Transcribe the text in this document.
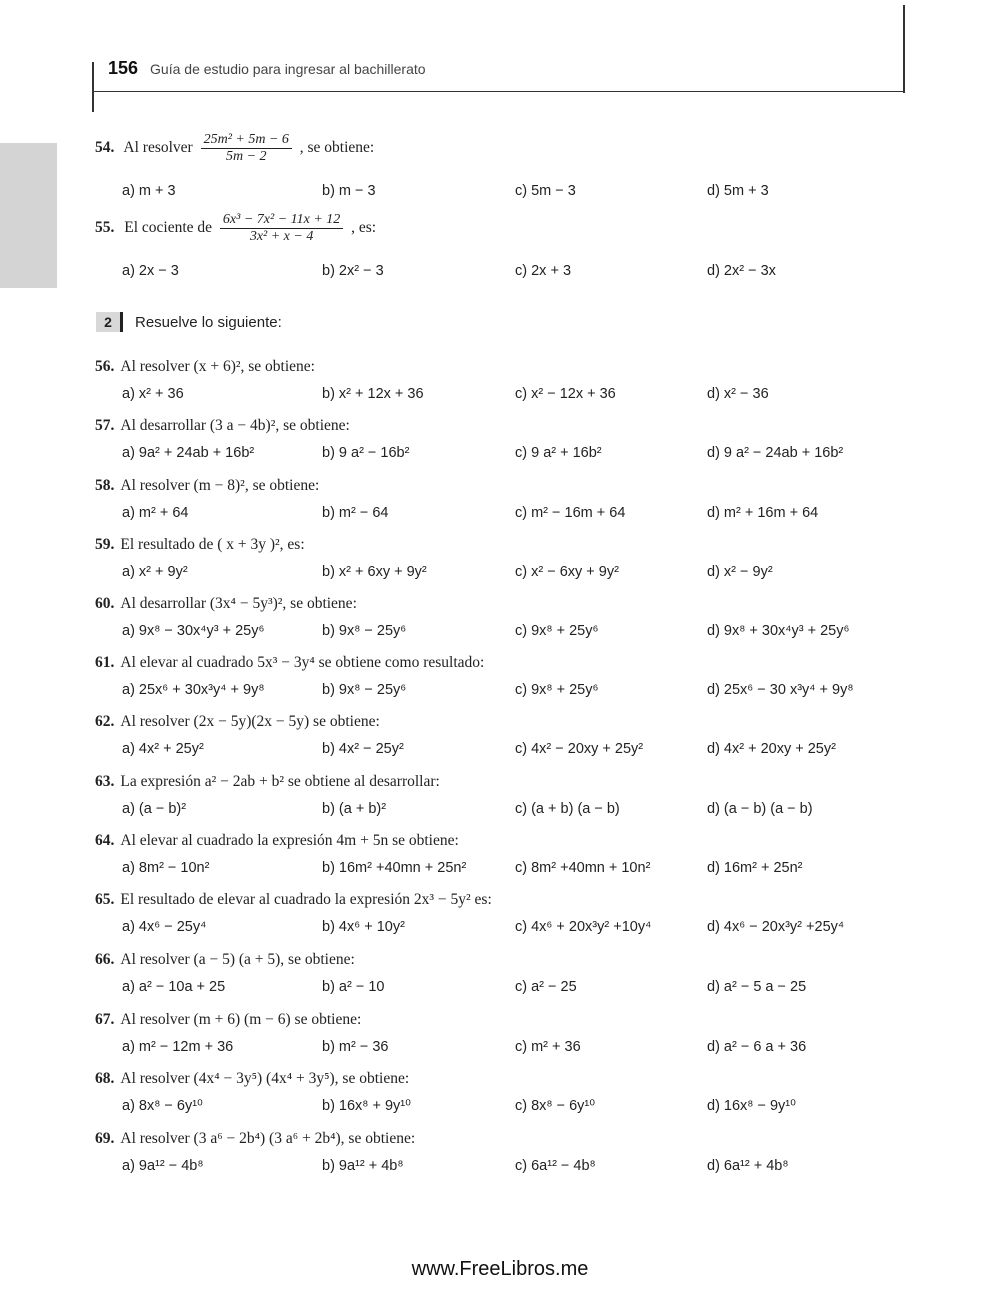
156 Guía de estudio para ingresar al bachillerato
54. Al resolver $\frac{\text{25m² + 5m − 6}}{5m - 2}$ , se obtiene:
a) m + 3	b) m − 3	c) 5m − 3	d) 5m + 3
55. El cociente de $\frac{\text{6x³ − 7x² − 11x + 12}}{\text{3x² + x − 4}}$ , es:
a) 2x − 3	b) 2x² − 3	c) 2x + 3	d) 2x² − 3x
2 Resuelve lo siguiente:
56. Al resolver (x + 6)², se obtiene:
a) x² + 36	b) x² + 12x + 36	c) x² − 12x + 36	d) x² − 36
57. Al desarrollar (3 a − 4b)², se obtiene:
a) 9a² + 24ab + 16b²	b) 9 a² − 16b²	c) 9 a² + 16b²	d) 9 a² − 24ab + 16b²
58. Al resolver (m − 8)², se obtiene:
a) m² + 64	b) m² − 64	c) m² − 16m + 64	d) m² + 16m + 64
59. El resultado de ( x + 3y )², es:
a) x² + 9y²	b) x² + 6xy + 9y²	c) x² − 6xy + 9y²	d) x² − 9y²
60. Al desarrollar (3x⁴ − 5y³)², se obtiene:
a) 9x⁸ − 30x⁴y³ + 25y⁶	b) 9x⁸ − 25y⁶	c) 9x⁸ + 25y⁶	d) 9x⁸ + 30x⁴y³ + 25y⁶
61. Al elevar al cuadrado 5x³ − 3y⁴ se obtiene como resultado:
a) 25x⁶ + 30x³y⁴ + 9y⁸	b) 9x⁸ − 25y⁶	c) 9x⁸ + 25y⁶	d) 25x⁶ − 30 x³y⁴ + 9y⁸
62. Al resolver (2x − 5y)(2x − 5y) se obtiene:
a) 4x² + 25y²	b) 4x² − 25y²	c) 4x² − 20xy + 25y²	d) 4x² + 20xy + 25y²
63. La expresión a² − 2ab + b² se obtiene al desarrollar:
a) (a − b)²	b) (a + b)²	c) (a + b) (a − b)	d) (a − b) (a − b)
64. Al elevar al cuadrado la expresión 4m + 5n se obtiene:
a) 8m² − 10n²	b) 16m² +40mn + 25n²	c) 8m² +40mn + 10n²	d) 16m² + 25n²
65. El resultado de elevar al cuadrado la expresión 2x³ − 5y² es:
a) 4x⁶ − 25y⁴	b) 4x⁶ + 10y²	c) 4x⁶ + 20x³y² +10y⁴	d) 4x⁶ − 20x³y² +25y⁴
66. Al resolver (a − 5) (a + 5), se obtiene:
a) a² − 10a + 25	b) a² − 10	c) a² − 25	d) a² − 5 a − 25
67. Al resolver (m + 6) (m − 6) se obtiene:
a) m² − 12m + 36	b) m² − 36	c) m² + 36	d) a² − 6 a + 36
68. Al resolver (4x⁴ − 3y⁵) (4x⁴ + 3y⁵), se obtiene:
a) 8x⁸ − 6y¹⁰	b) 16x⁸ + 9y¹⁰	c) 8x⁸ − 6y¹⁰	d) 16x⁸ − 9y¹⁰
69. Al resolver (3 a⁶ − 2b⁴) (3 a⁶ + 2b⁴), se obtiene:
a) 9a¹² − 4b⁸	b) 9a¹² + 4b⁸	c) 6a¹² − 4b⁸	d) 6a¹² + 4b⁸
www.FreeLibros.me
